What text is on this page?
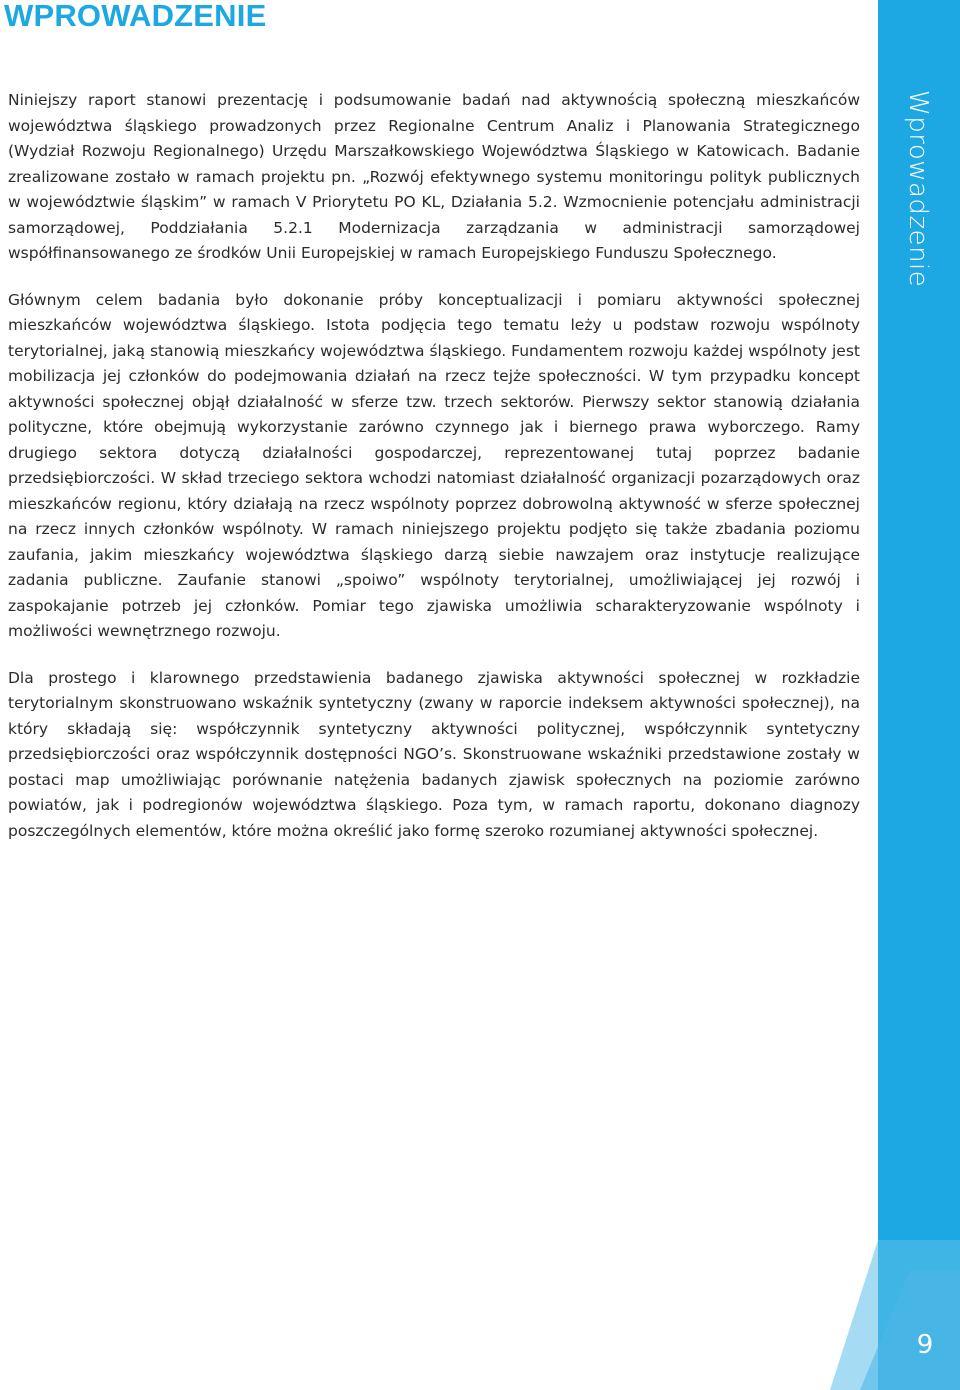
WPROWADZENIE

Niniejszy raport stanowi prezentację i podsumowanie badań nad aktywnością społeczną mieszkańców województwa śląskiego prowadzonych przez Regionalne Centrum Analiz i Planowania Strategicznego (Wydział Rozwoju Regionalnego) Urzędu Marszałkowskiego Województwa Śląskiego w Katowicach. Badanie zrealizowane zostało w ramach projektu pn. „Rozwój efektywnego systemu monitoringu polityk publicznych w województwie śląskim” w ramach V Priorytetu PO KL, Działania 5.2. Wzmocnienie potencjału administracji samorządowej, Poddziałania 5.2.1 Modernizacja zarządzania w administracji samorządowej współfinansowanego ze środków Unii Europejskiej w ramach Europejskiego Funduszu Społecznego.

Głównym celem badania było dokonanie próby konceptualizacji i pomiaru aktywności społecznej mieszkańców województwa śląskiego. Istota podjęcia tego tematu leży u podstaw rozwoju wspólnoty terytorialnej, jaką stanowią mieszkańcy województwa śląskiego. Fundamentem rozwoju każdej wspólnoty jest mobilizacja jej członków do podejmowania działań na rzecz tejże społeczności. W tym przypadku koncept aktywności społecznej objął działalność w sferze tzw. trzech sektorów. Pierwszy sektor stanowią działania polityczne, które obejmują wykorzystanie zarówno czynnego jak i biernego prawa wyborczego. Ramy drugiego sektora dotyczą działalności gospodarczej, reprezentowanej tutaj poprzez badanie przedsiębiorczości. W skład trzeciego sektora wchodzi natomiast działalność organizacji pozarządowych oraz mieszkańców regionu, który działają na rzecz wspólnoty poprzez dobrowolną aktywność w sferze społecznej na rzecz innych członków wspólnoty. W ramach niniejszego projektu podjęto się także zbadania poziomu zaufania, jakim mieszkańcy województwa śląskiego darzą siebie nawzajem oraz instytucje realizujące zadania publiczne. Zaufanie stanowi „spoiwo” wspólnoty terytorialnej, umożliwiającej jej rozwój i zaspokajanie potrzeb jej członków. Pomiar tego zjawiska umożliwia scharakteryzowanie wspólnoty i możliwości wewnętrznego rozwoju.

Dla prostego i klarownego przedstawienia badanego zjawiska aktywności społecznej w rozkładzie terytorialnym skonstruowano wskaźnik syntetyczny (zwany w raporcie indeksem aktywności społecznej), na który składają się: współczynnik syntetyczny aktywności politycznej, współczynnik syntetyczny przedsiębiorczości oraz współczynnik dostępności NGO’s. Skonstruowane wskaźniki przedstawione zostały w postaci map umożliwiając porównanie natężenia badanych zjawisk społecznych na poziomie zarówno powiatów, jak i podregionów województwa śląskiego. Poza tym, w ramach raportu, dokonano diagnozy poszczególnych elementów, które można określić jako formę szeroko rozumianej aktywności społecznej.

Wprowadzenie
9
